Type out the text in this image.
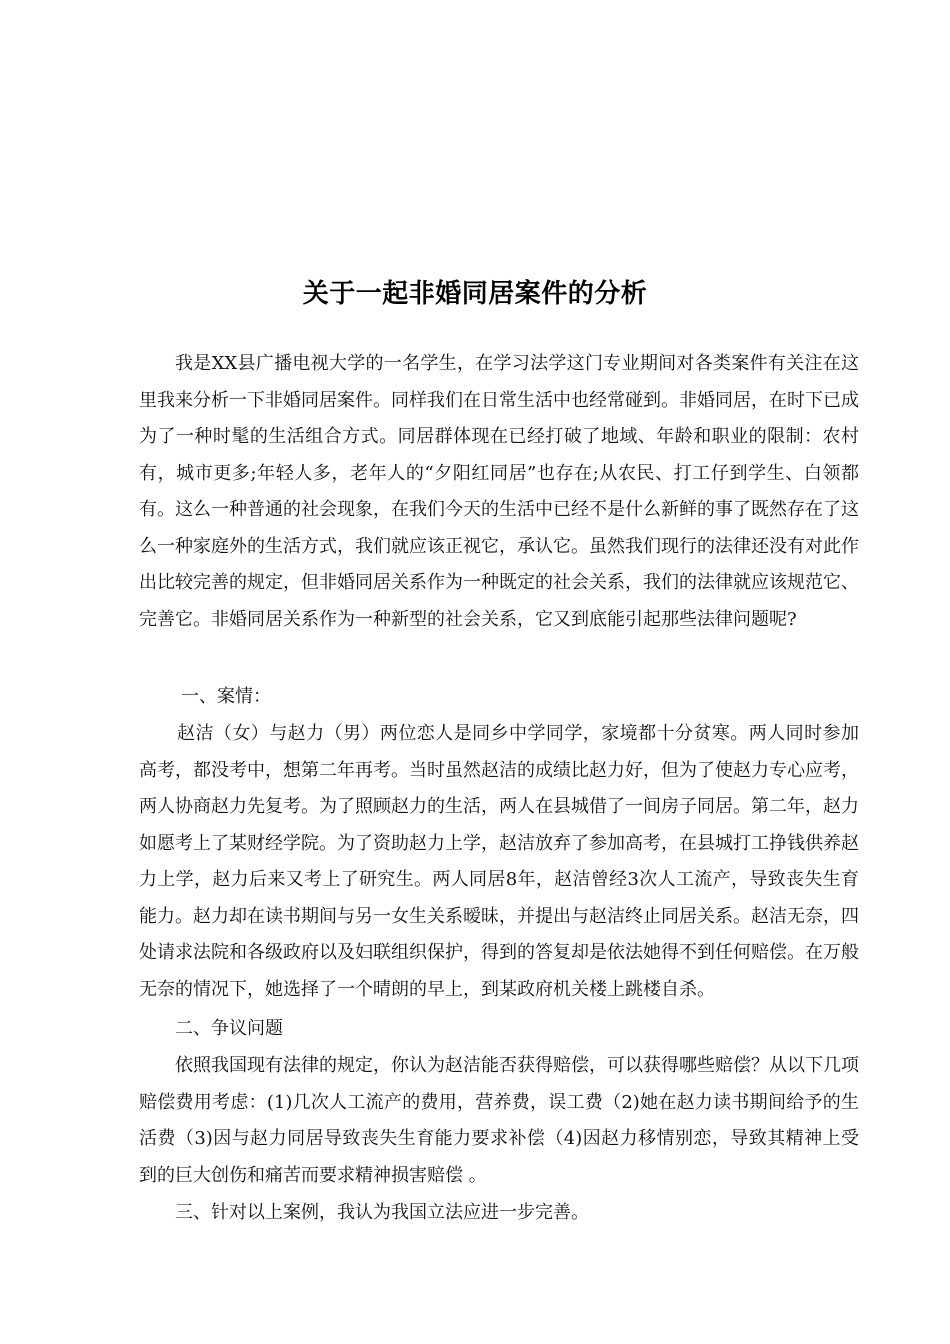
关于一起非婚同居案件的分析

我是XX县广播电视大学的一名学生，在学习法学这门专业期间对各类案件有关注在这里我来分析一下非婚同居案件。同样我们在日常生活中也经常碰到。非婚同居，在时下已成为了一种时髦的生活组合方式。同居群体现在已经打破了地域、年龄和职业的限制：农村有，城市更多;年轻人多，老年人的“夕阳红同居”也存在;从农民、打工仔到学生、白领都有。这么一种普通的社会现象，在我们今天的生活中已经不是什么新鲜的事了既然存在了这么一种家庭外的生活方式，我们就应该正视它，承认它。虽然我们现行的法律还没有对此作出比较完善的规定，但非婚同居关系作为一种既定的社会关系，我们的法律就应该规范它、完善它。非婚同居关系作为一种新型的社会关系，它又到底能引起那些法律问题呢?

一、案情：

赵洁（女）与赵力（男）两位恋人是同乡中学同学，家境都十分贫寒。两人同时参加高考，都没考中，想第二年再考。当时虽然赵洁的成绩比赵力好，但为了使赵力专心应考，两人协商赵力先复考。为了照顾赵力的生活，两人在县城借了一间房子同居。第二年，赵力如愿考上了某财经学院。为了资助赵力上学，赵洁放弃了参加高考，在县城打工挣钱供养赵力上学，赵力后来又考上了研究生。两人同居8年，赵洁曾经3次人工流产，导致丧失生育能力。赵力却在读书期间与另一女生关系暧昧，并提出与赵洁终止同居关系。赵洁无奈，四处请求法院和各级政府以及妇联组织保护，得到的答复却是依法她得不到任何赔偿。在万般无奈的情况下，她选择了一个晴朗的早上，到某政府机关楼上跳楼自杀。

二、争议问题

依照我国现有法律的规定，你认为赵洁能否获得赔偿，可以获得哪些赔偿？从以下几项赔偿费用考虑：(1)几次人工流产的费用，营养费，误工费（2)她在赵力读书期间给予的生活费（3)因与赵力同居导致丧失生育能力要求补偿（4)因赵力移情别恋，导致其精神上受到的巨大创伤和痛苦而要求精神损害赔偿 。

三、针对以上案例，我认为我国立法应进一步完善。
